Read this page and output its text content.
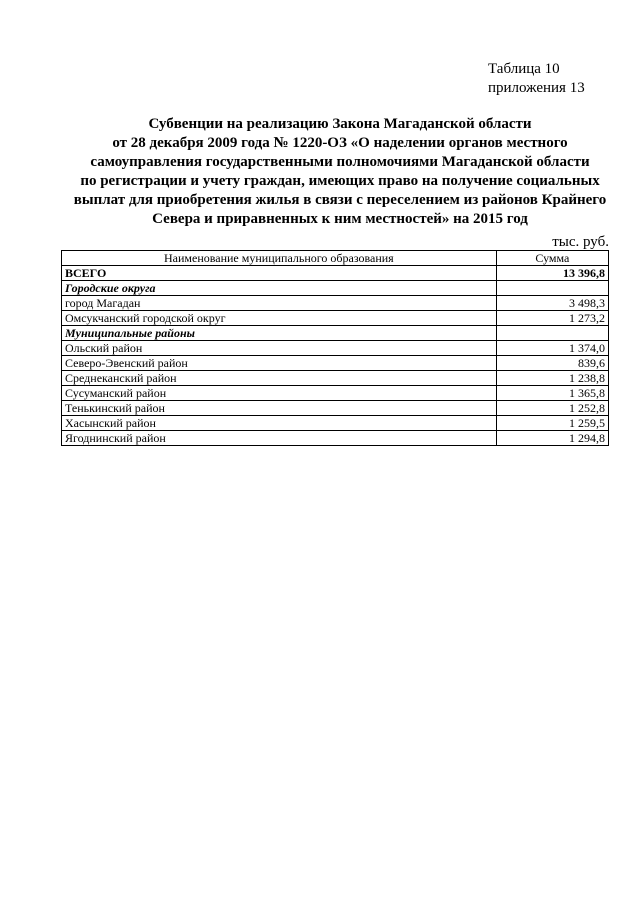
Таблица 10
приложения 13
Субвенции на реализацию Закона Магаданской области
от 28 декабря 2009 года № 1220-ОЗ «О наделении органов местного
самоуправления государственными полномочиями Магаданской области
по регистрации и учету граждан, имеющих право на получение социальных
выплат для приобретения жилья в связи с переселением из районов Крайнего
Севера и приравненных к ним местностей» на 2015 год
тыс. руб.
Наименование муниципального образования	Сумма
ВСЕГО	13 396,8
Городские округа	
город Магадан	3 498,3
Омсукчанский городской округ	1 273,2
Муниципальные районы	
Ольский район	1 374,0
Северо-Эвенский район	839,6
Среднеканский район	1 238,8
Сусуманский район	1 365,8
Тенькинский район	1 252,8
Хасынский район	1 259,5
Ягоднинский район	1 294,8
